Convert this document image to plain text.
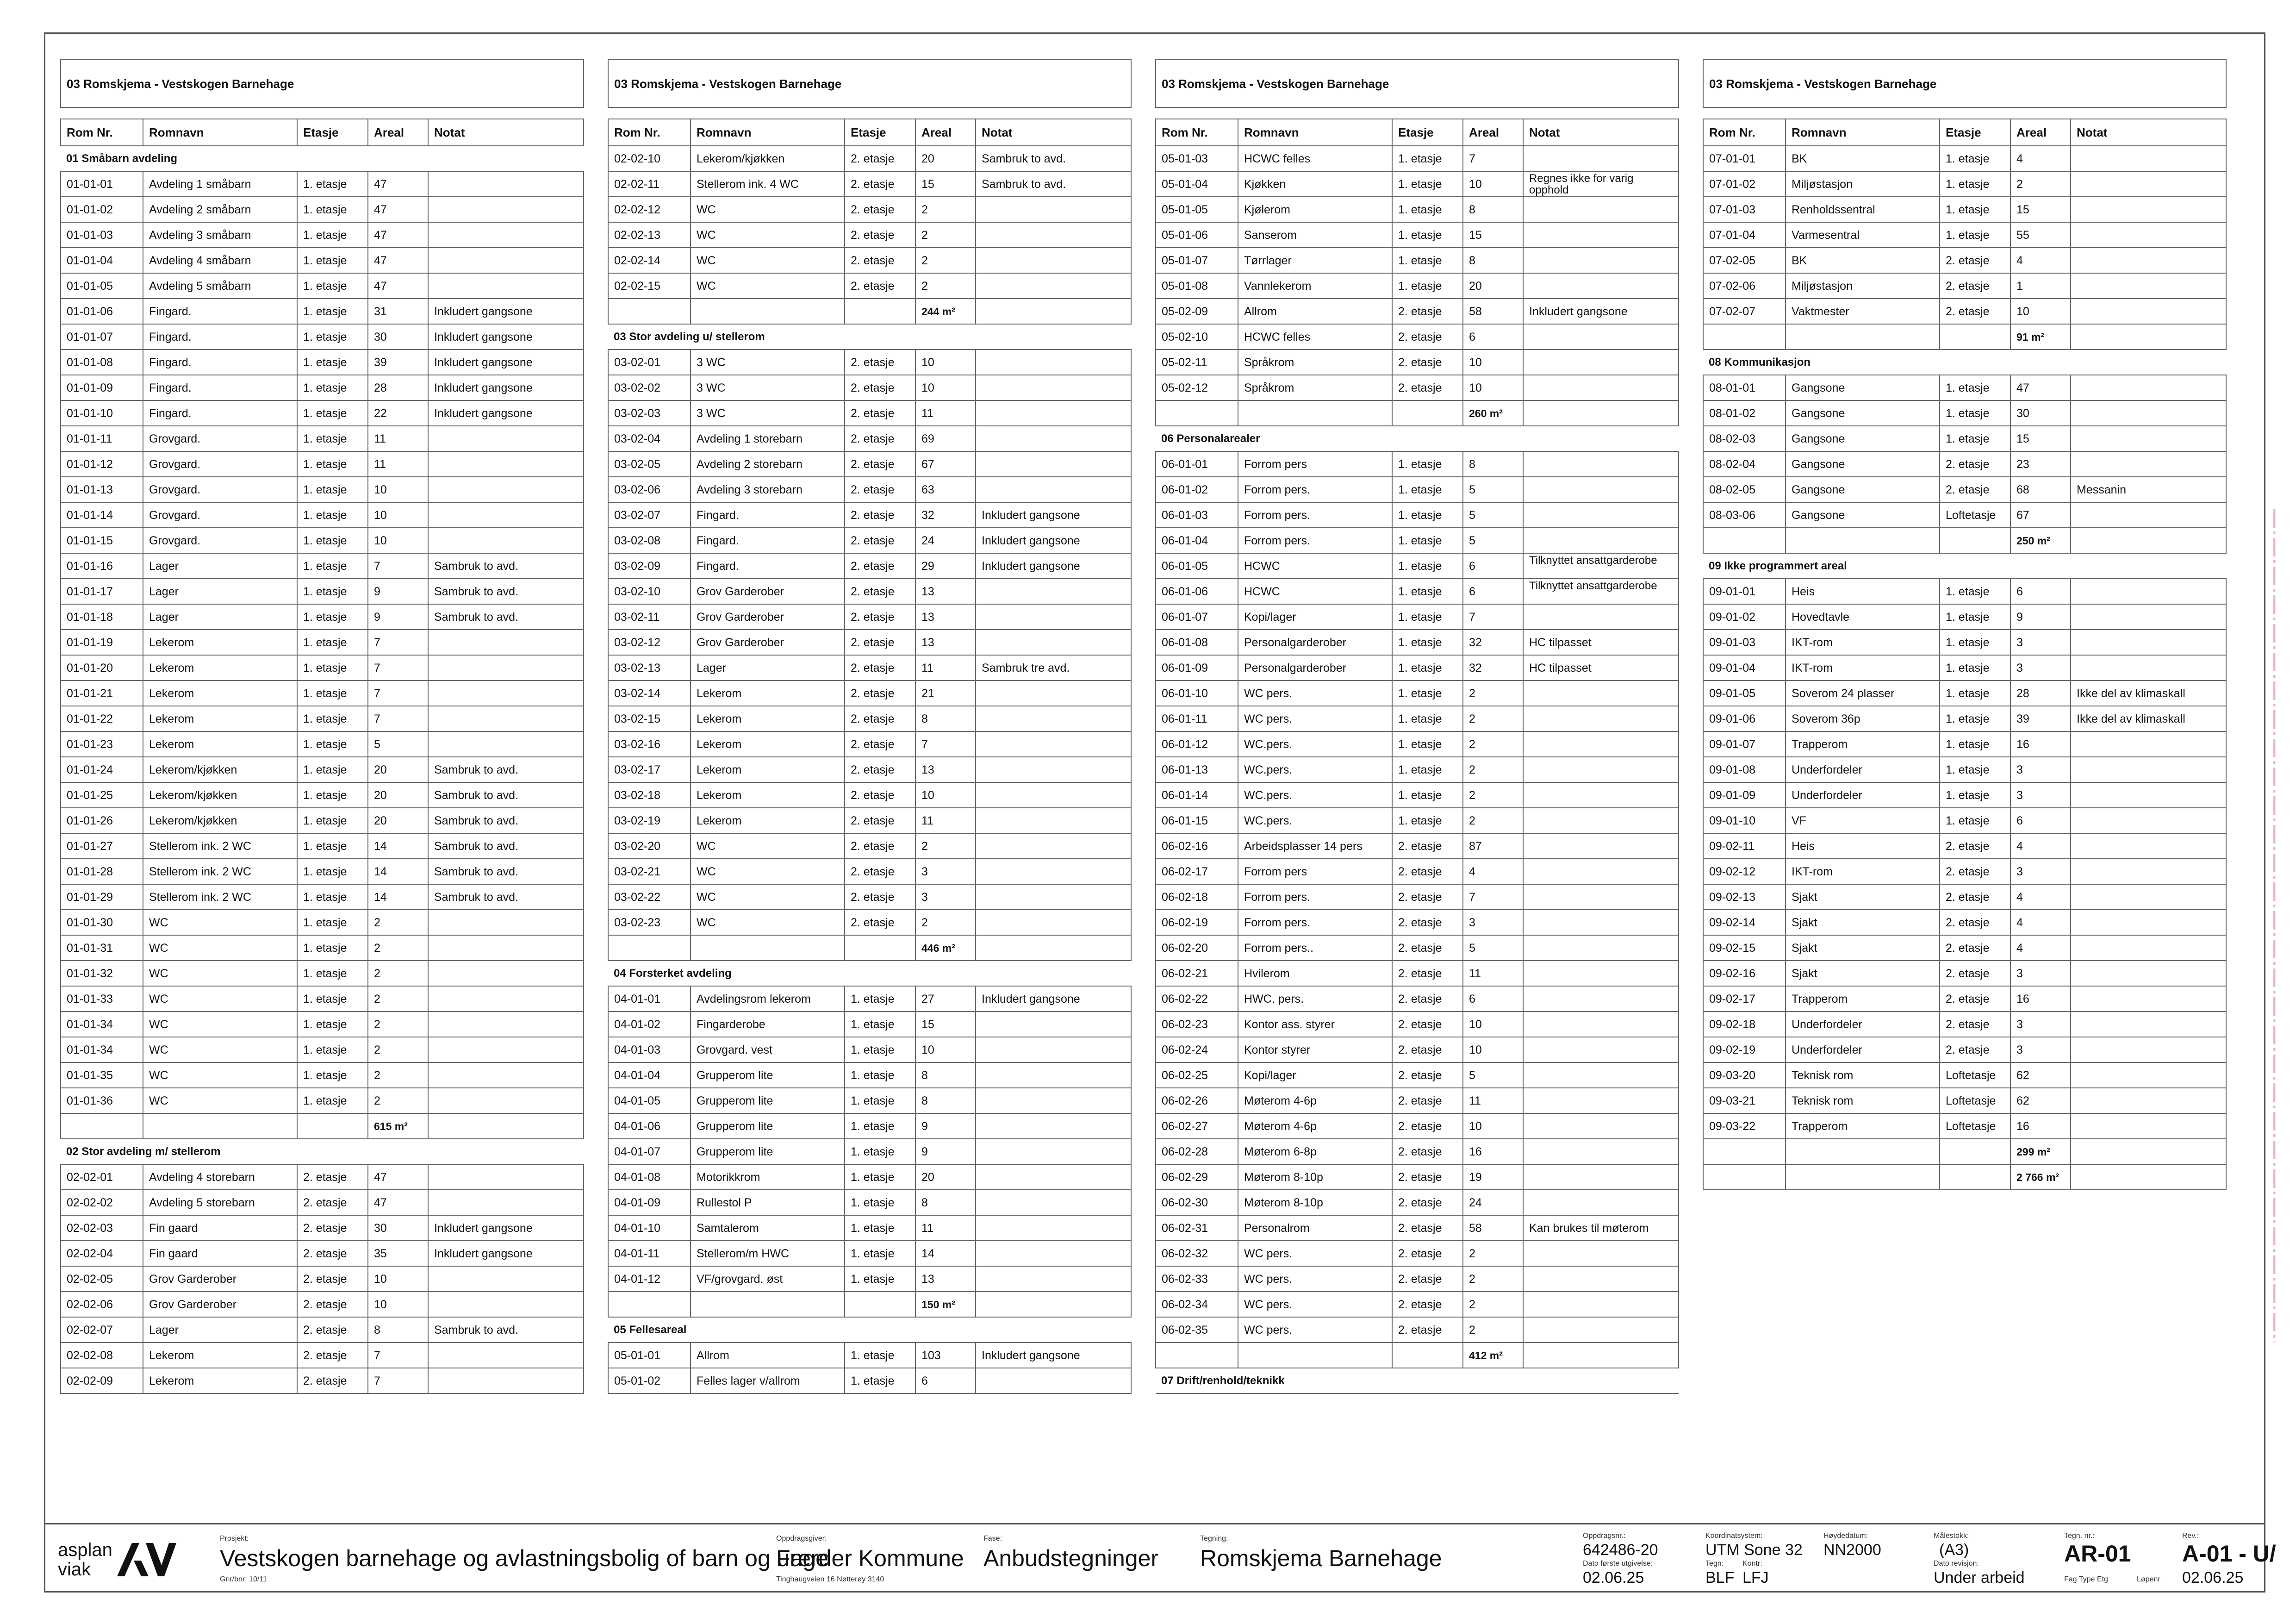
03 Romskjema - Vestskogen Barnehage				

Rom Nr.	Romnavn	Etasje	Areal	Notat
01 Småbarn avdeling				
01-01-01	Avdeling 1 småbarn	1. etasje	47	
01-01-02	Avdeling 2 småbarn	1. etasje	47	
01-01-03	Avdeling 3 småbarn	1. etasje	47	
01-01-04	Avdeling 4 småbarn	1. etasje	47	
01-01-05	Avdeling 5 småbarn	1. etasje	47	
01-01-06	Fingard.	1. etasje	31	Inkludert gangsone
01-01-07	Fingard.	1. etasje	30	Inkludert gangsone
01-01-08	Fingard.	1. etasje	39	Inkludert gangsone
01-01-09	Fingard.	1. etasje	28	Inkludert gangsone
01-01-10	Fingard.	1. etasje	22	Inkludert gangsone
01-01-11	Grovgard.	1. etasje	11	
01-01-12	Grovgard.	1. etasje	11	
01-01-13	Grovgard.	1. etasje	10	
01-01-14	Grovgard.	1. etasje	10	
01-01-15	Grovgard.	1. etasje	10	
01-01-16	Lager	1. etasje	7	Sambruk to avd.
01-01-17	Lager	1. etasje	9	Sambruk to avd.
01-01-18	Lager	1. etasje	9	Sambruk to avd.
01-01-19	Lekerom	1. etasje	7	
01-01-20	Lekerom	1. etasje	7	
01-01-21	Lekerom	1. etasje	7	
01-01-22	Lekerom	1. etasje	7	
01-01-23	Lekerom	1. etasje	5	
01-01-24	Lekerom/kjøkken	1. etasje	20	Sambruk to avd.
01-01-25	Lekerom/kjøkken	1. etasje	20	Sambruk to avd.
01-01-26	Lekerom/kjøkken	1. etasje	20	Sambruk to avd.
01-01-27	Stellerom ink. 2 WC	1. etasje	14	Sambruk to avd.
01-01-28	Stellerom ink. 2 WC	1. etasje	14	Sambruk to avd.
01-01-29	Stellerom ink. 2 WC	1. etasje	14	Sambruk to avd.
01-01-30	WC	1. etasje	2	
01-01-31	WC	1. etasje	2	
01-01-32	WC	1. etasje	2	
01-01-33	WC	1. etasje	2	
01-01-34	WC	1. etasje	2	
01-01-34	WC	1. etasje	2	
01-01-35	WC	1. etasje	2	
01-01-36	WC	1. etasje	2	
			615 m²	
02 Stor avdeling m/ stellerom				
02-02-01	Avdeling 4 storebarn	2. etasje	47	
02-02-02	Avdeling 5 storebarn	2. etasje	47	
02-02-03	Fin gaard	2. etasje	30	Inkludert gangsone
02-02-04	Fin gaard	2. etasje	35	Inkludert gangsone
02-02-05	Grov Garderober	2. etasje	10	
02-02-06	Grov Garderober	2. etasje	10	
02-02-07	Lager	2. etasje	8	Sambruk to avd.
02-02-08	Lekerom	2. etasje	7	
02-02-09	Lekerom	2. etasje	7	
03 Romskjema - Vestskogen Barnehage				

Rom Nr.	Romnavn	Etasje	Areal	Notat
02-02-10	Lekerom/kjøkken	2. etasje	20	Sambruk to avd.
02-02-11	Stellerom ink. 4 WC	2. etasje	15	Sambruk to avd.
02-02-12	WC	2. etasje	2	
02-02-13	WC	2. etasje	2	
02-02-14	WC	2. etasje	2	
02-02-15	WC	2. etasje	2	
			244 m²	
03 Stor avdeling u/ stellerom				
03-02-01	3 WC	2. etasje	10	
03-02-02	3 WC	2. etasje	10	
03-02-03	3 WC	2. etasje	11	
03-02-04	Avdeling 1 storebarn	2. etasje	69	
03-02-05	Avdeling 2 storebarn	2. etasje	67	
03-02-06	Avdeling 3 storebarn	2. etasje	63	
03-02-07	Fingard.	2. etasje	32	Inkludert gangsone
03-02-08	Fingard.	2. etasje	24	Inkludert gangsone
03-02-09	Fingard.	2. etasje	29	Inkludert gangsone
03-02-10	Grov Garderober	2. etasje	13	
03-02-11	Grov Garderober	2. etasje	13	
03-02-12	Grov Garderober	2. etasje	13	
03-02-13	Lager	2. etasje	11	Sambruk tre avd.
03-02-14	Lekerom	2. etasje	21	
03-02-15	Lekerom	2. etasje	8	
03-02-16	Lekerom	2. etasje	7	
03-02-17	Lekerom	2. etasje	13	
03-02-18	Lekerom	2. etasje	10	
03-02-19	Lekerom	2. etasje	11	
03-02-20	WC	2. etasje	2	
03-02-21	WC	2. etasje	3	
03-02-22	WC	2. etasje	3	
03-02-23	WC	2. etasje	2	
			446 m²	
04 Forsterket avdeling				
04-01-01	Avdelingsrom lekerom	1. etasje	27	Inkludert gangsone
04-01-02	Fingarderobe	1. etasje	15	
04-01-03	Grovgard. vest	1. etasje	10	
04-01-04	Grupperom lite	1. etasje	8	
04-01-05	Grupperom lite	1. etasje	8	
04-01-06	Grupperom lite	1. etasje	9	
04-01-07	Grupperom lite	1. etasje	9	
04-01-08	Motorikkrom	1. etasje	20	
04-01-09	Rullestol P	1. etasje	8	
04-01-10	Samtalerom	1. etasje	11	
04-01-11	Stellerom/m HWC	1. etasje	14	
04-01-12	VF/grovgard. øst	1. etasje	13	
			150 m²	
05 Fellesareal				
05-01-01	Allrom	1. etasje	103	Inkludert gangsone
05-01-02	Felles lager v/allrom	1. etasje	6	
03 Romskjema - Vestskogen Barnehage				

Rom Nr.	Romnavn	Etasje	Areal	Notat
05-01-03	HCWC felles	1. etasje	7	
05-01-04	Kjøkken	1. etasje	10	Regnes ikke for varig opphold
05-01-05	Kjølerom	1. etasje	8	
05-01-06	Sanserom	1. etasje	15	
05-01-07	Tørrlager	1. etasje	8	
05-01-08	Vannlekerom	1. etasje	20	
05-02-09	Allrom	2. etasje	58	Inkludert gangsone
05-02-10	HCWC felles	2. etasje	6	
05-02-11	Språkrom	2. etasje	10	
05-02-12	Språkrom	2. etasje	10	
			260 m²	
06 Personalarealer				
06-01-01	Forrom pers	1. etasje	8	
06-01-02	Forrom pers.	1. etasje	5	
06-01-03	Forrom pers.	1. etasje	5	
06-01-04	Forrom pers.	1. etasje	5	
06-01-05	HCWC	1. etasje	6	Tilknyttet ansattgarderobe
06-01-06	HCWC	1. etasje	6	Tilknyttet ansattgarderobe
06-01-07	Kopi/lager	1. etasje	7	
06-01-08	Personalgarderober	1. etasje	32	HC tilpasset
06-01-09	Personalgarderober	1. etasje	32	HC tilpasset
06-01-10	WC pers.	1. etasje	2	
06-01-11	WC pers.	1. etasje	2	
06-01-12	WC.pers.	1. etasje	2	
06-01-13	WC.pers.	1. etasje	2	
06-01-14	WC.pers.	1. etasje	2	
06-01-15	WC.pers.	1. etasje	2	
06-02-16	Arbeidsplasser 14 pers	2. etasje	87	
06-02-17	Forrom pers	2. etasje	4	
06-02-18	Forrom pers.	2. etasje	7	
06-02-19	Forrom pers.	2. etasje	3	
06-02-20	Forrom pers..	2. etasje	5	
06-02-21	Hvilerom	2. etasje	11	
06-02-22	HWC. pers.	2. etasje	6	
06-02-23	Kontor ass. styrer	2. etasje	10	
06-02-24	Kontor styrer	2. etasje	10	
06-02-25	Kopi/lager	2. etasje	5	
06-02-26	Møterom 4-6p	2. etasje	11	
06-02-27	Møterom 4-6p	2. etasje	10	
06-02-28	Møterom 6-8p	2. etasje	16	
06-02-29	Møterom 8-10p	2. etasje	19	
06-02-30	Møterom 8-10p	2. etasje	24	
06-02-31	Personalrom	2. etasje	58	Kan brukes til møterom
06-02-32	WC pers.	2. etasje	2	
06-02-33	WC pers.	2. etasje	2	
06-02-34	WC pers.	2. etasje	2	
06-02-35	WC pers.	2. etasje	2	
			412 m²	
07 Drift/renhold/teknikk				
03 Romskjema - Vestskogen Barnehage				

Rom Nr.	Romnavn	Etasje	Areal	Notat
07-01-01	BK	1. etasje	4	
07-01-02	Miljøstasjon	1. etasje	2	
07-01-03	Renholdssentral	1. etasje	15	
07-01-04	Varmesentral	1. etasje	55	
07-02-05	BK	2. etasje	4	
07-02-06	Miljøstasjon	2. etasje	1	
07-02-07	Vaktmester	2. etasje	10	
			91 m²	
08 Kommunikasjon				
08-01-01	Gangsone	1. etasje	47	
08-01-02	Gangsone	1. etasje	30	
08-02-03	Gangsone	1. etasje	15	
08-02-04	Gangsone	2. etasje	23	
08-02-05	Gangsone	2. etasje	68	Messanin
08-03-06	Gangsone	Loftetasje	67	
			250 m²	
09 Ikke programmert areal				
09-01-01	Heis	1. etasje	6	
09-01-02	Hovedtavle	1. etasje	9	
09-01-03	IKT-rom	1. etasje	3	
09-01-04	IKT-rom	1. etasje	3	
09-01-05	Soverom 24 plasser	1. etasje	28	Ikke del av klimaskall
09-01-06	Soverom 36p	1. etasje	39	Ikke del av klimaskall
09-01-07	Trapperom	1. etasje	16	
09-01-08	Underfordeler	1. etasje	3	
09-01-09	Underfordeler	1. etasje	3	
09-01-10	VF	1. etasje	6	
09-02-11	Heis	2. etasje	4	
09-02-12	IKT-rom	2. etasje	3	
09-02-13	Sjakt	2. etasje	4	
09-02-14	Sjakt	2. etasje	4	
09-02-15	Sjakt	2. etasje	4	
09-02-16	Sjakt	2. etasje	3	
09-02-17	Trapperom	2. etasje	16	
09-02-18	Underfordeler	2. etasje	3	
09-02-19	Underfordeler	2. etasje	3	
09-03-20	Teknisk rom	Loftetasje	62	
09-03-21	Teknisk rom	Loftetasje	62	
09-03-22	Trapperom	Loftetasje	16	
			299 m²	
			2 766 m²	
asplan
viak
Prosjekt:
Vestskogen barnehage og avlastningsbolig of barn og unge
Gnr/bnr: 10/11
Oppdragsgiver:
Færder Kommune
Tinghaugveien 16 Nøtterøy 3140
Fase:
Anbudstegninger
Tegning:
Romskjema Barnehage
Oppdragsnr.:
642486-20
Dato første utgivelse:
02.06.25
Koordinatsystem:
UTM Sone 32
Tegn:
BLF
Kontr:
LFJ
Høydedatum:
NN2000
Målestokk:
(A3)
Dato revisjon:
Under arbeid
Tegn. nr.:
AR-01
Fag Type Etg	Løpenr
Rev.:
A-01 - U/
02.06.25
